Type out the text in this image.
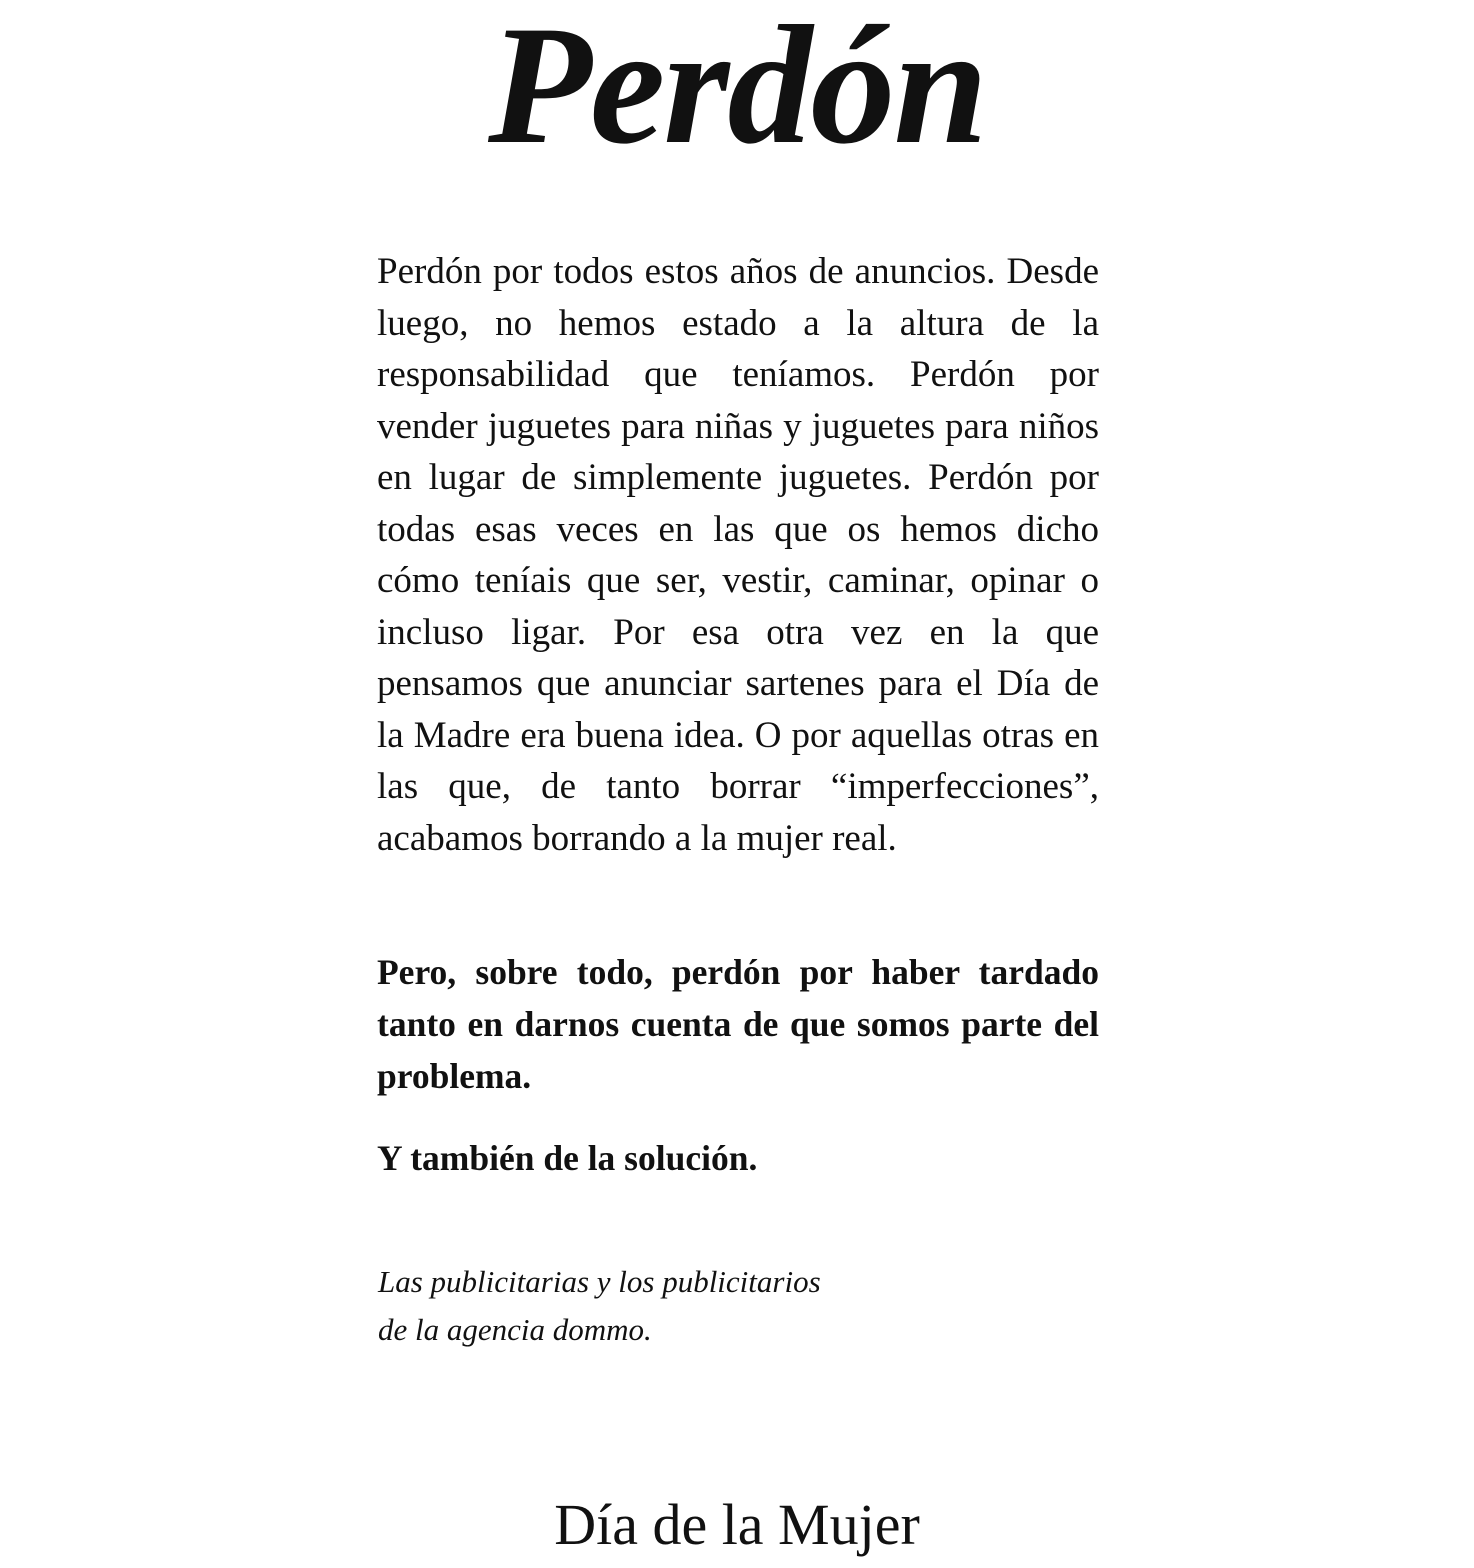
Perdón

Perdón por todos estos años de anuncios. Desde luego, no hemos estado a la altura de la responsabilidad que teníamos. Perdón por vender juguetes para niñas y juguetes para niños en lugar de simplemente juguetes. Perdón por todas esas veces en las que os hemos dicho cómo teníais que ser, vestir, caminar, opinar o incluso ligar. Por esa otra vez en la que pensamos que anunciar sartenes para el Día de la Madre era buena idea. O por aquellas otras en las que, de tanto borrar “imperfecciones”, acabamos borrando a la mujer real.

Pero, sobre todo, perdón por haber tardado tanto en darnos cuenta de que somos parte del problema.

Y también de la solución.

Las publicitarias y los publicitarios
de la agencia dommo.
Día de la Mujer
